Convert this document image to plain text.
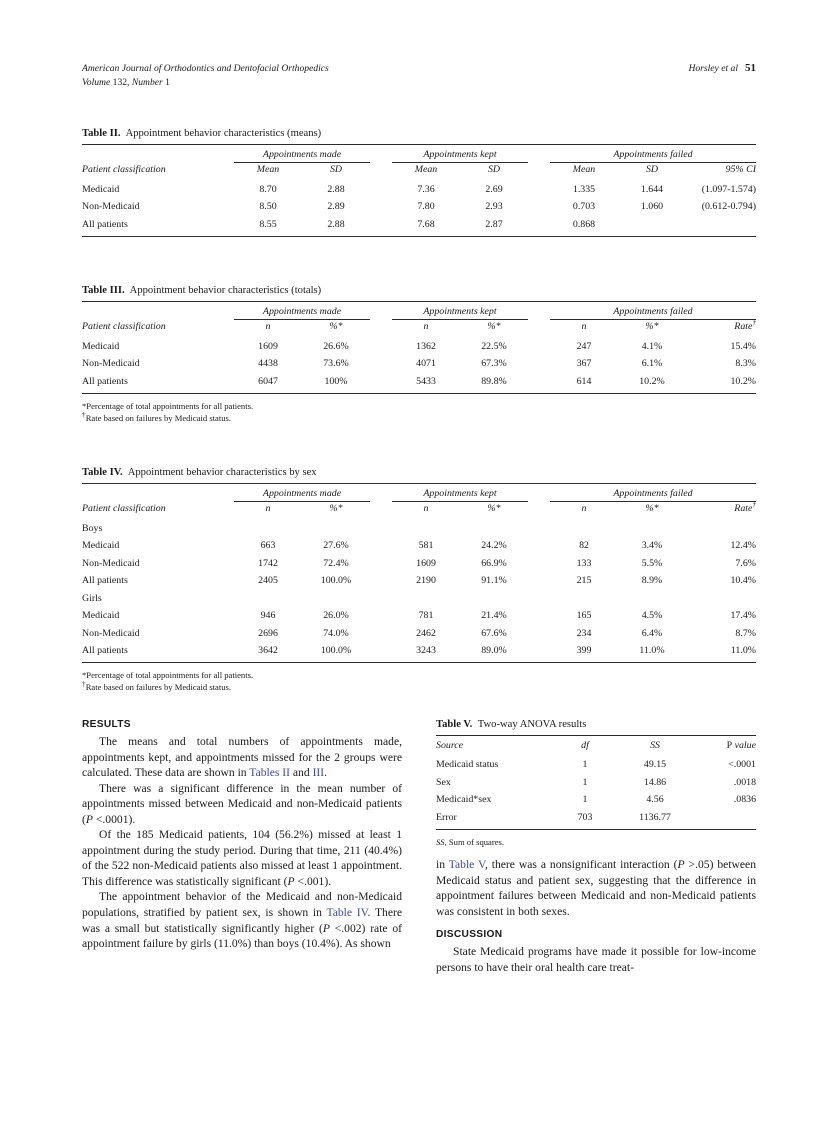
American Journal of Orthodontics and Dentofacial Orthopedics
Volume 132, Number 1
Horsley et al 51
Table II. Appointment behavior characteristics (means)

	Appointments made			Appointments kept			Appointments failed		
Patient classification	Mean	SD		Mean	SD		Mean	SD	95% CI
Medicaid	8.70	2.88		7.36	2.69		1.335	1.644	(1.097-1.574)
Non-Medicaid	8.50	2.89		7.80	2.93		0.703	1.060	(0.612-0.794)
All patients	8.55	2.88		7.68	2.87		0.868		

Table III. Appointment behavior characteristics (totals)

	Appointments made			Appointments kept			Appointments failed		
Patient classification	n	%*		n	%*		n	%*	Rate†
Medicaid	1609	26.6%		1362	22.5%		247	4.1%	15.4%
Non-Medicaid	4438	73.6%		4071	67.3%		367	6.1%	8.3%
All patients	6047	100%		5433	89.8%		614	10.2%	10.2%

*Percentage of total appointments for all patients.
†Rate based on failures by Medicaid status.
Table IV. Appointment behavior characteristics by sex

	Appointments made			Appointments kept			Appointments failed		
Patient classification	n	%*		n	%*		n	%*	Rate†
Boys									
Medicaid	663	27.6%		581	24.2%		82	3.4%	12.4%
Non-Medicaid	1742	72.4%		1609	66.9%		133	5.5%	7.6%
All patients	2405	100.0%		2190	91.1%		215	8.9%	10.4%
Girls									
Medicaid	946	26.0%		781	21.4%		165	4.5%	17.4%
Non-Medicaid	2696	74.0%		2462	67.6%		234	6.4%	8.7%
All patients	3642	100.0%		3243	89.0%		399	11.0%	11.0%

*Percentage of total appointments for all patients.
†Rate based on failures by Medicaid status.
RESULTS

The means and total numbers of appointments made, appointments kept, and appointments missed for the 2 groups were calculated. These data are shown in Tables II and III.

There was a significant difference in the mean number of appointments missed between Medicaid and non-Medicaid patients (P <.0001).

Of the 185 Medicaid patients, 104 (56.2%) missed at least 1 appointment during the study period. During that time, 211 (40.4%) of the 522 non-Medicaid patients also missed at least 1 appointment. This difference was statistically significant (P <.001).

The appointment behavior of the Medicaid and non-Medicaid populations, stratified by patient sex, is shown in Table IV. There was a small but statistically significantly higher (P <.002) rate of appointment failure by girls (11.0%) than boys (10.4%). As shown

Table V. Two-way ANOVA results

Source	df	SS	P value
Medicaid status	1	49.15	<.0001
Sex	1	14.86	.0018
Medicaid*sex	1	4.56	.0836
Error	703	1136.77	

SS, Sum of squares.

in Table V, there was a nonsignificant interaction (P >.05) between Medicaid status and patient sex, suggesting that the difference in appointment failures between Medicaid and non-Medicaid patients was consistent in both sexes.

DISCUSSION

State Medicaid programs have made it possible for low-income persons to have their oral health care treat-
